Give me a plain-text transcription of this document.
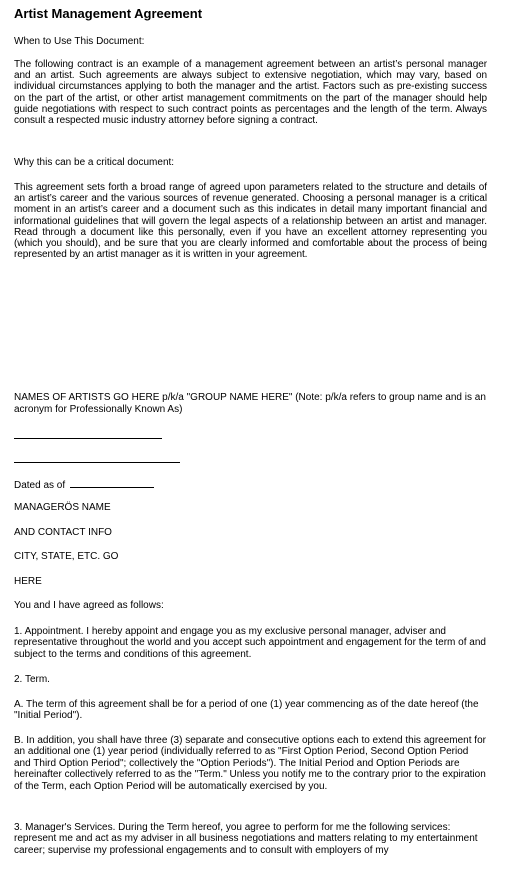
Artist Management Agreement
When to Use This Document:
The following contract is an example of a management agreement between an artist’s personal manager and an artist. Such agreements are always subject to extensive negotiation, which may vary, based on individual circumstances applying to both the manager and the artist. Factors such as pre-existing success on the part of the artist, or other artist management commitments on the part of the manager should help guide negotiations with respect to such contract points as percentages and the length of the term. Always consult a respected music industry attorney before signing a contract.
Why this can be a critical document:
This agreement sets forth a broad range of agreed upon parameters related to the structure and details of an artist’s career and the various sources of revenue generated. Choosing a personal manager is a critical moment in an artist’s career and a document such as this indicates in detail many important financial and informational guidelines that will govern the legal aspects of a relationship between an artist and manager. Read through a document like this personally, even if you have an excellent attorney representing you (which you should), and be sure that you are clearly informed and comfortable about the process of being represented by an artist manager as it is written in your agreement.
NAMES OF ARTISTS GO HERE p/k/a "GROUP NAME HERE" (Note: p/k/a refers to group name and is an acronym for Professionally Known As)
Dated as of
MANAGERÖS NAME
AND CONTACT INFO
CITY, STATE, ETC. GO
HERE
You and I have agreed as follows:
1. Appointment. I hereby appoint and engage you as my exclusive personal manager, adviser and representative throughout the world and you accept such appointment and engagement for the term of and subject to the terms and conditions of this agreement.
2. Term.
A. The term of this agreement shall be for a period of one (1) year commencing as of the date hereof (the "Initial Period").
B. In addition, you shall have three (3) separate and consecutive options each to extend this agreement for an additional one (1) year period (individually referred to as "First Option Period, Second Option Period and Third Option Period"; collectively the "Option Periods"). The Initial Period and Option Periods are hereinafter collectively referred to as the "Term." Unless you notify me to the contrary prior to the expiration of the Term, each Option Period will be automatically exercised by you.
3. Manager's Services. During the Term hereof, you agree to perform for me the following services: represent me and act as my adviser in all business negotiations and matters relating to my entertainment career; supervise my professional engagements and to consult with employers of my
